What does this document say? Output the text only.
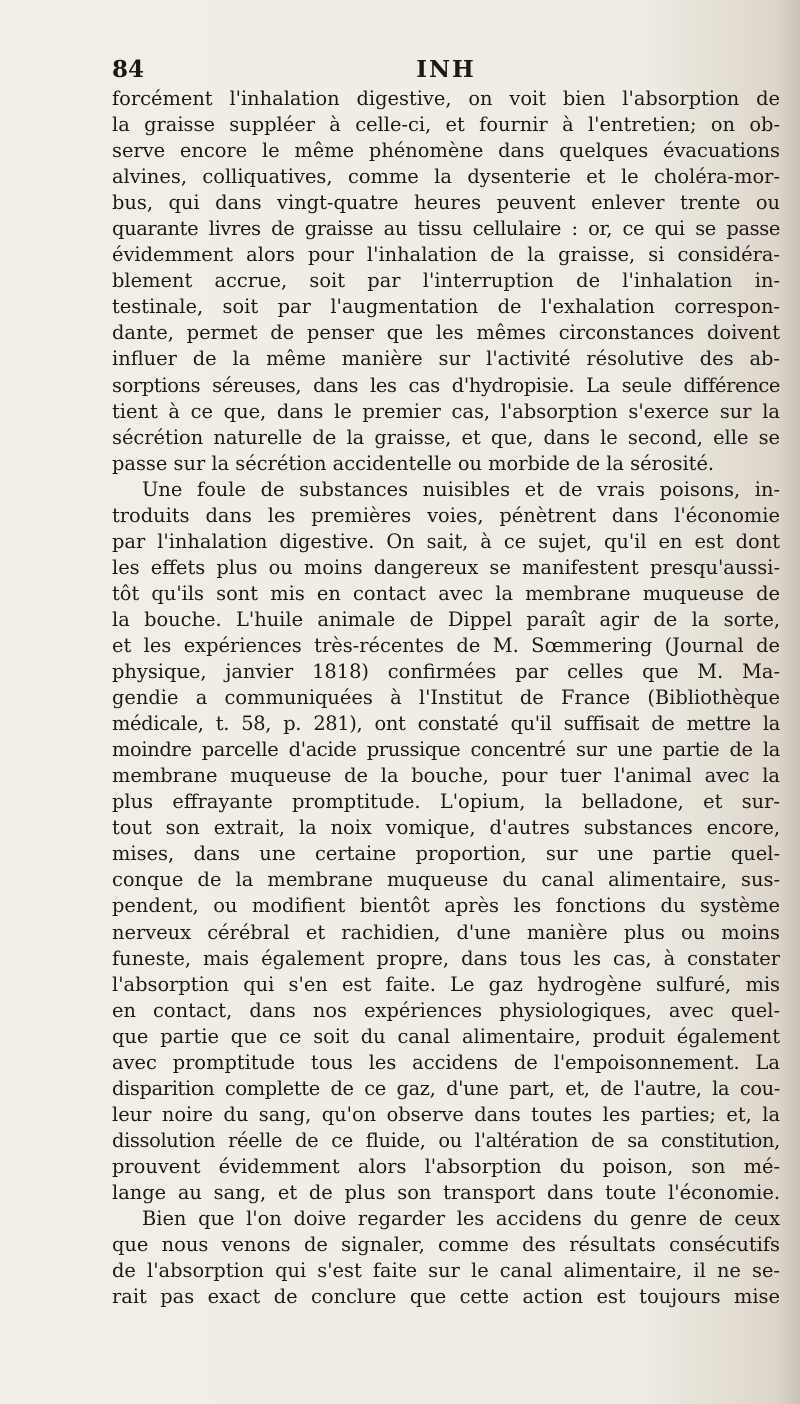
84	INH
forcément l'inhalation digestive, on voit bien l'absorption de
la graisse suppléer à celle-ci, et fournir à l'entretien; on ob-
serve encore le même phénomène dans quelques évacuations
alvines, colliquatives, comme la dysenterie et le choléra-mor-
bus, qui dans vingt-quatre heures peuvent enlever trente ou
quarante livres de graisse au tissu cellulaire : or, ce qui se passe
évidemment alors pour l'inhalation de la graisse, si considéra-
blement accrue, soit par l'interruption de l'inhalation in-
testinale, soit par l'augmentation de l'exhalation correspon-
dante, permet de penser que les mêmes circonstances doivent
influer de la même manière sur l'activité résolutive des ab-
sorptions séreuses, dans les cas d'hydropisie. La seule différence
tient à ce que, dans le premier cas, l'absorption s'exerce sur la
sécrétion naturelle de la graisse, et que, dans le second, elle se
passe sur la sécrétion accidentelle ou morbide de la sérosité.
Une foule de substances nuisibles et de vrais poisons, in-
troduits dans les premières voies, pénètrent dans l'économie
par l'inhalation digestive. On sait, à ce sujet, qu'il en est dont
les effets plus ou moins dangereux se manifestent presqu'aussi-
tôt qu'ils sont mis en contact avec la membrane muqueuse de
la bouche. L'huile animale de Dippel paraît agir de la sorte,
et les expériences très-récentes de M. Sœmmering (Journal de
physique, janvier 1818) confirmées par celles que M. Ma-
gendie a communiquées à l'Institut de France (Bibliothèque
médicale, t. 58, p. 281), ont constaté qu'il suffisait de mettre la
moindre parcelle d'acide prussique concentré sur une partie de la
membrane muqueuse de la bouche, pour tuer l'animal avec la
plus effrayante promptitude. L'opium, la belladone, et sur-
tout son extrait, la noix vomique, d'autres substances encore,
mises, dans une certaine proportion, sur une partie quel-
conque de la membrane muqueuse du canal alimentaire, sus-
pendent, ou modifient bientôt après les fonctions du système
nerveux cérébral et rachidien, d'une manière plus ou moins
funeste, mais également propre, dans tous les cas, à constater
l'absorption qui s'en est faite. Le gaz hydrogène sulfuré, mis
en contact, dans nos expériences physiologiques, avec quel-
que partie que ce soit du canal alimentaire, produit également
avec promptitude tous les accidens de l'empoisonnement. La
disparition complette de ce gaz, d'une part, et, de l'autre, la cou-
leur noire du sang, qu'on observe dans toutes les parties; et, la
dissolution réelle de ce fluide, ou l'altération de sa constitution,
prouvent évidemment alors l'absorption du poison, son mé-
lange au sang, et de plus son transport dans toute l'économie.
Bien que l'on doive regarder les accidens du genre de ceux
que nous venons de signaler, comme des résultats consécutifs
de l'absorption qui s'est faite sur le canal alimentaire, il ne se-
rait pas exact de conclure que cette action est toujours mise
